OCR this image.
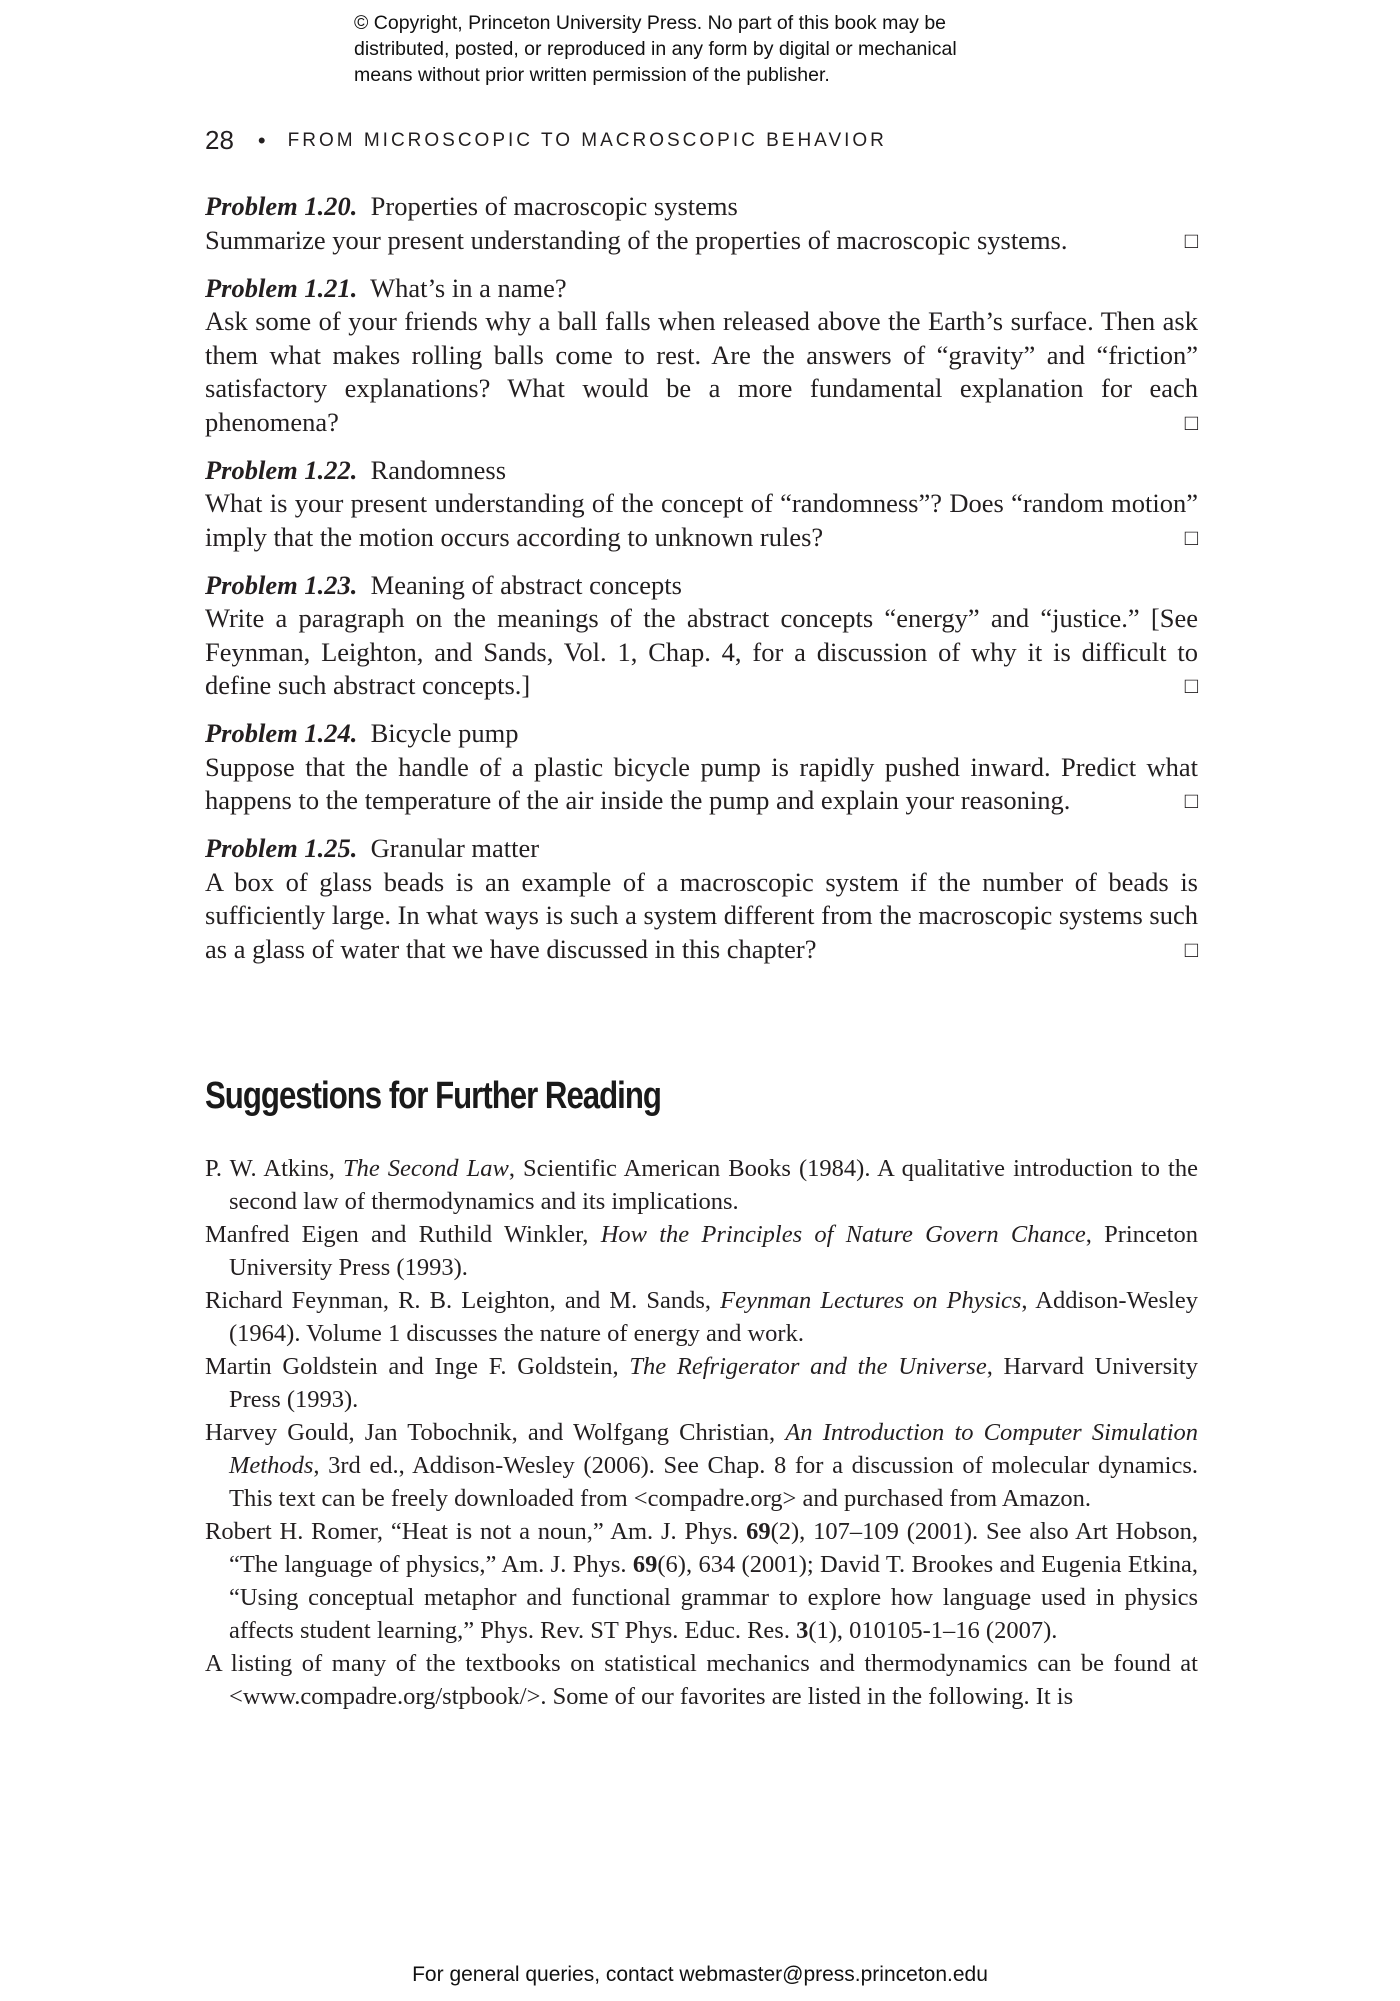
© Copyright, Princeton University Press. No part of this book may be
distributed, posted, or reproduced in any form by digital or mechanical
means without prior written permission of the publisher.
28 • FROM MICROSCOPIC TO MACROSCOPIC BEHAVIOR
Problem 1.20. Properties of macroscopic systems
□
Summarize your present understanding of the properties of macroscopic systems.
Problem 1.21. What’s in a name?
Ask some of your friends why a ball falls when released above the Earth’s surface. Then ask them what makes rolling balls come to rest. Are the answers of “gravity” and “friction” satisfactory explanations? What would be a more fundamental explanation for each phenomena?	□
Problem 1.22. Randomness
What is your present understanding of the concept of “randomness”? Does “random motion” imply that the motion occurs according to unknown rules?	□
Problem 1.23. Meaning of abstract concepts
Write a paragraph on the meanings of the abstract concepts “energy” and “justice.” [See Feynman, Leighton, and Sands, Vol. 1, Chap. 4, for a discussion of why it is difficult to define such abstract concepts.]	□
Problem 1.24. Bicycle pump
Suppose that the handle of a plastic bicycle pump is rapidly pushed inward. Predict what happens to the temperature of the air inside the pump and explain your reasoning.	□
Problem 1.25. Granular matter
A box of glass beads is an example of a macroscopic system if the number of beads is sufficiently large. In what ways is such a system different from the macroscopic systems such as a glass of water that we have discussed in this chapter?	□
Suggestions for Further Reading
P. W. Atkins, The Second Law, Scientific American Books (1984). A qualitative introduction to the second law of thermodynamics and its implications.
Manfred Eigen and Ruthild Winkler, How the Principles of Nature Govern Chance, Princeton University Press (1993).
Richard Feynman, R. B. Leighton, and M. Sands, Feynman Lectures on Physics, Addison-Wesley (1964). Volume 1 discusses the nature of energy and work.
Martin Goldstein and Inge F. Goldstein, The Refrigerator and the Universe, Harvard University Press (1993).
Harvey Gould, Jan Tobochnik, and Wolfgang Christian, An Introduction to Computer Simulation Methods, 3rd ed., Addison-Wesley (2006). See Chap. 8 for a discussion of molecular dynamics. This text can be freely downloaded from <compadre.org> and purchased from Amazon.
Robert H. Romer, “Heat is not a noun,” Am. J. Phys. 69(2), 107–109 (2001). See also Art Hobson, “The language of physics,” Am. J. Phys. 69(6), 634 (2001); David T. Brookes and Eugenia Etkina, “Using conceptual metaphor and functional grammar to explore how language used in physics affects student learning,” Phys. Rev. ST Phys. Educ. Res. 3(1), 010105-1–16 (2007).
A listing of many of the textbooks on statistical mechanics and thermodynamics can be found at <www.compadre.org/stpbook/>. Some of our favorites are listed in the following. It is
For general queries, contact webmaster@press.princeton.edu
